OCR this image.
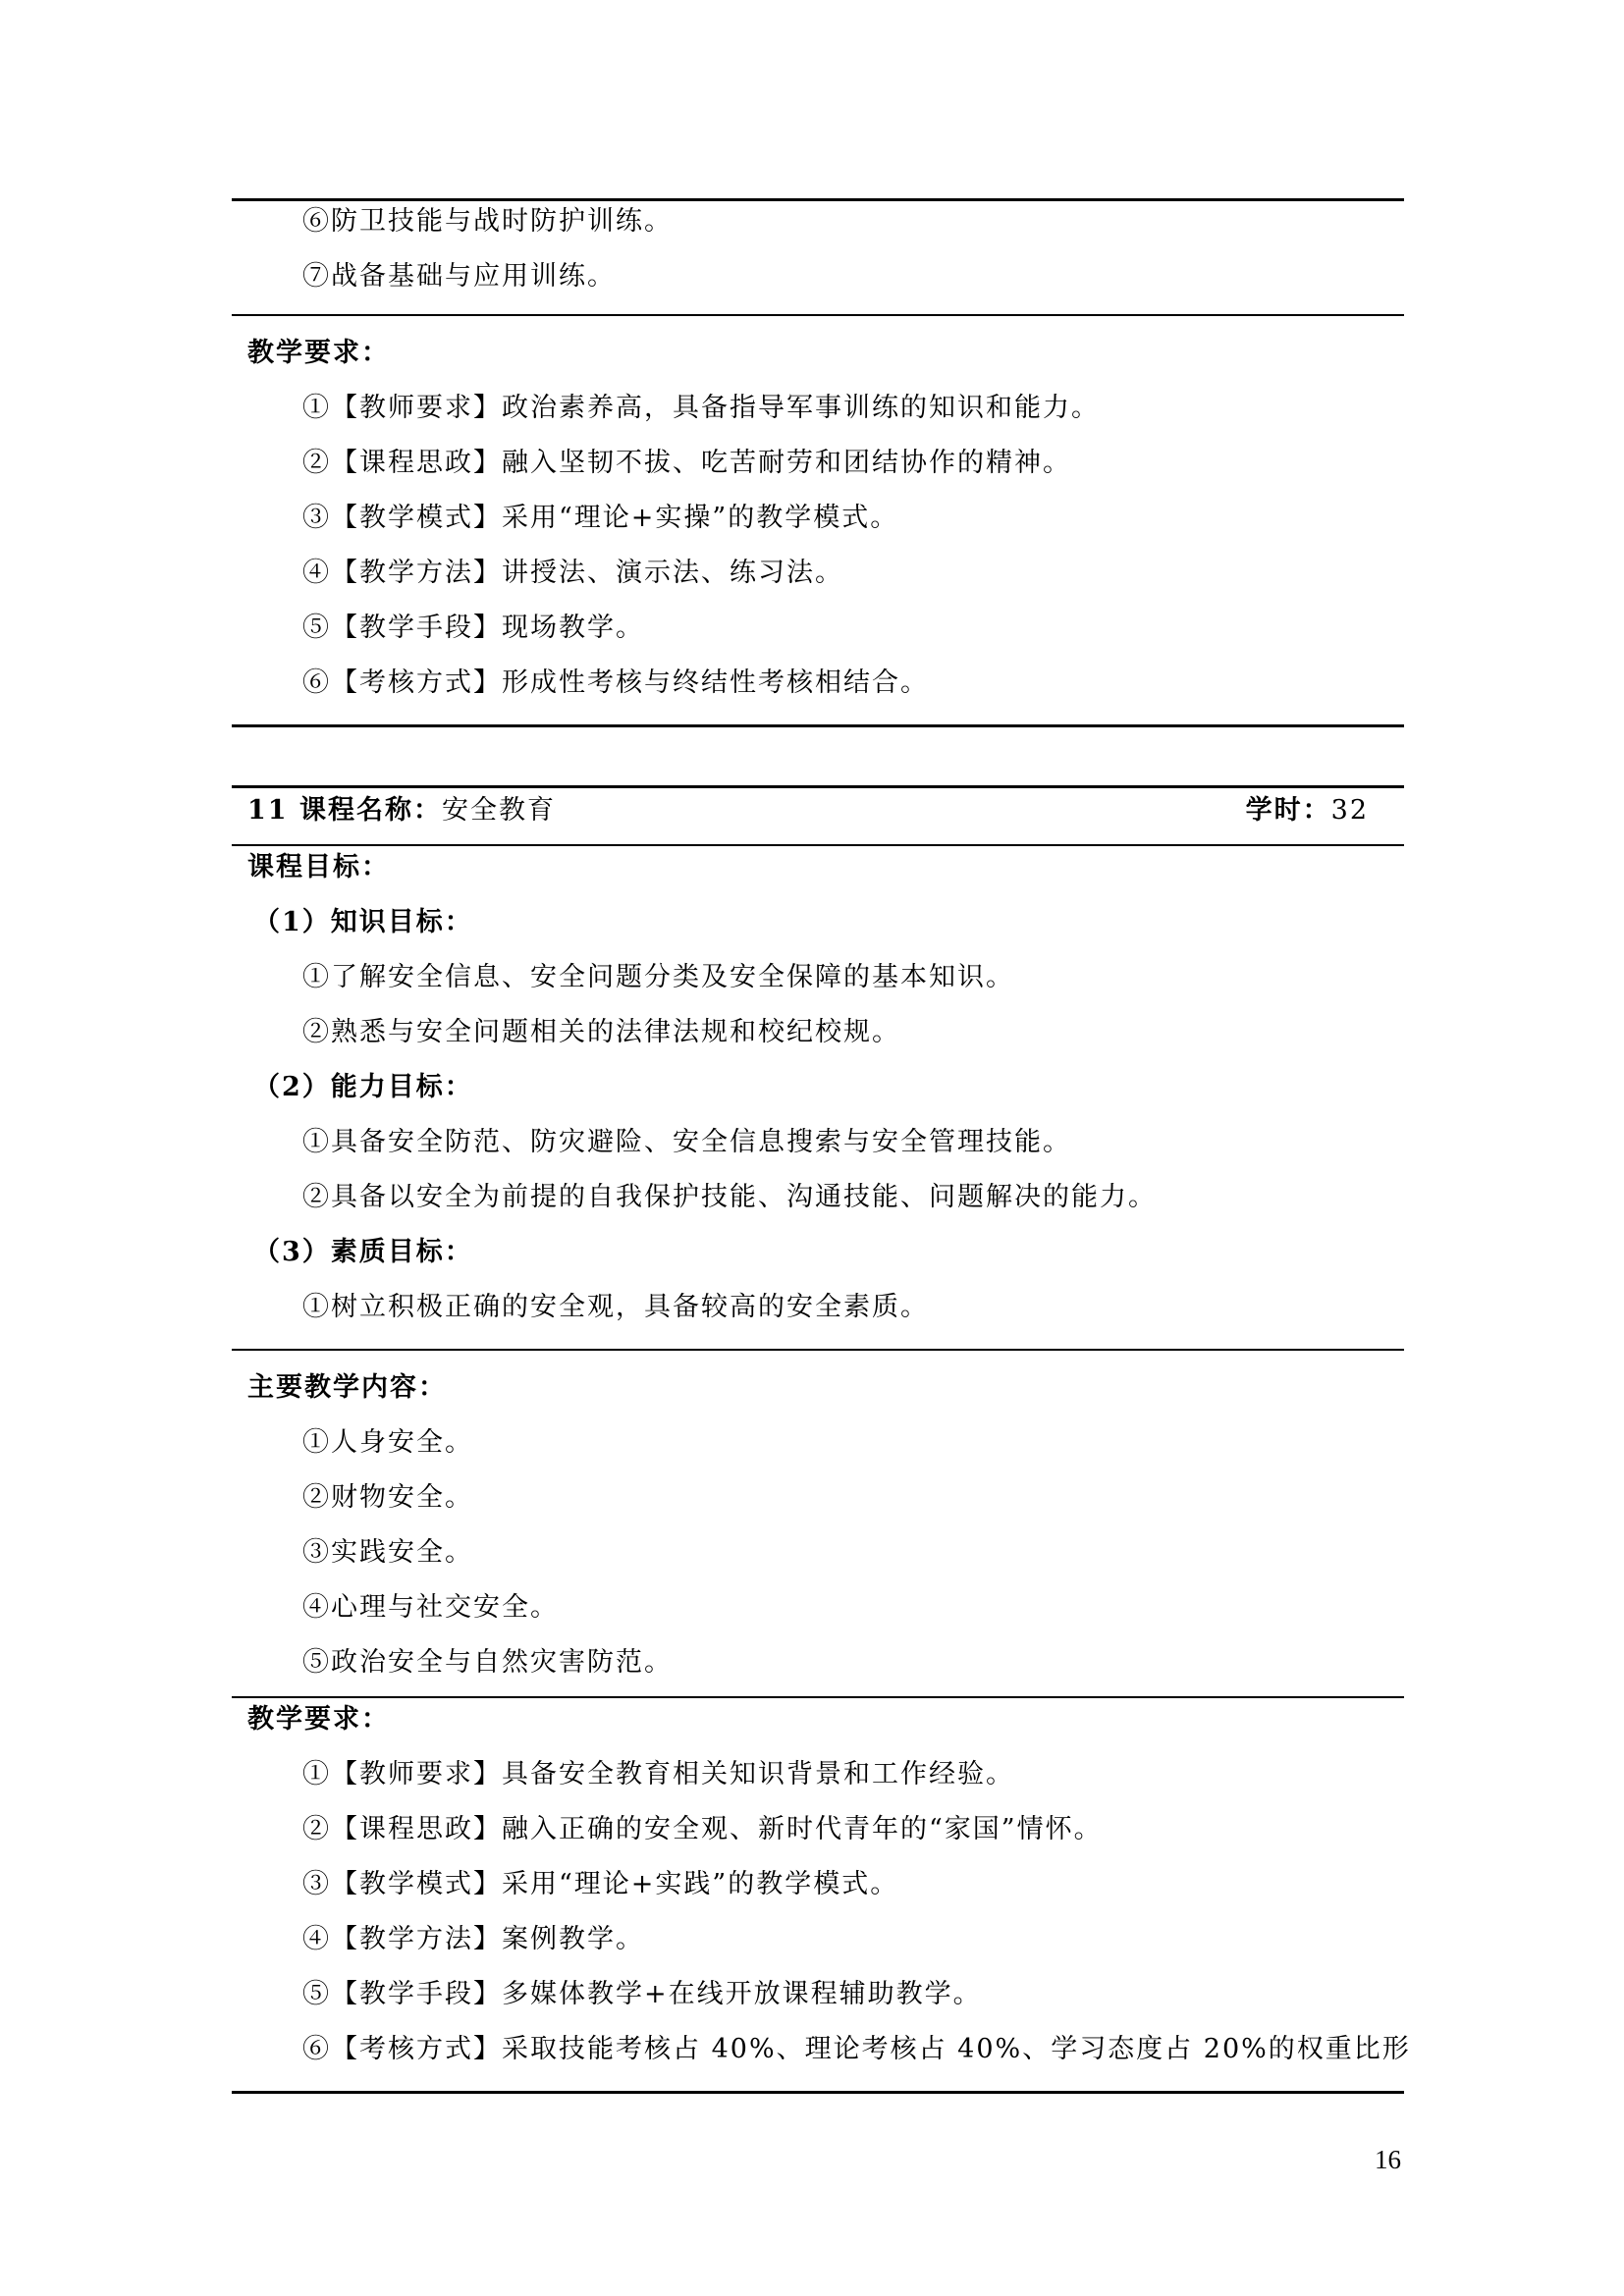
⑥防卫技能与战时防护训练。
⑦战备基础与应用训练。
教学要求：
①【教师要求】政治素养高，具备指导军事训练的知识和能力。
②【课程思政】融入坚韧不拔、吃苦耐劳和团结协作的精神。
③【教学模式】采用“理论+实操”的教学模式。
④【教学方法】讲授法、演示法、练习法。
⑤【教学手段】现场教学。
⑥【考核方式】形成性考核与终结性考核相结合。
11 课程名称：安全教育	学时：32
课程目标：
（1）知识目标：
①了解安全信息、安全问题分类及安全保障的基本知识。
②熟悉与安全问题相关的法律法规和校纪校规。
（2）能力目标：
①具备安全防范、防灾避险、安全信息搜索与安全管理技能。
②具备以安全为前提的自我保护技能、沟通技能、问题解决的能力。
（3）素质目标：
①树立积极正确的安全观，具备较高的安全素质。
主要教学内容：
①人身安全。
②财物安全。
③实践安全。
④心理与社交安全。
⑤政治安全与自然灾害防范。
教学要求：
①【教师要求】具备安全教育相关知识背景和工作经验。
②【课程思政】融入正确的安全观、新时代青年的“家国”情怀。
③【教学模式】采用“理论+实践”的教学模式。
④【教学方法】案例教学。
⑤【教学手段】多媒体教学+在线开放课程辅助教学。
⑥【考核方式】采取技能考核占 40%、理论考核占 40%、学习态度占 20%的权重比形
16
